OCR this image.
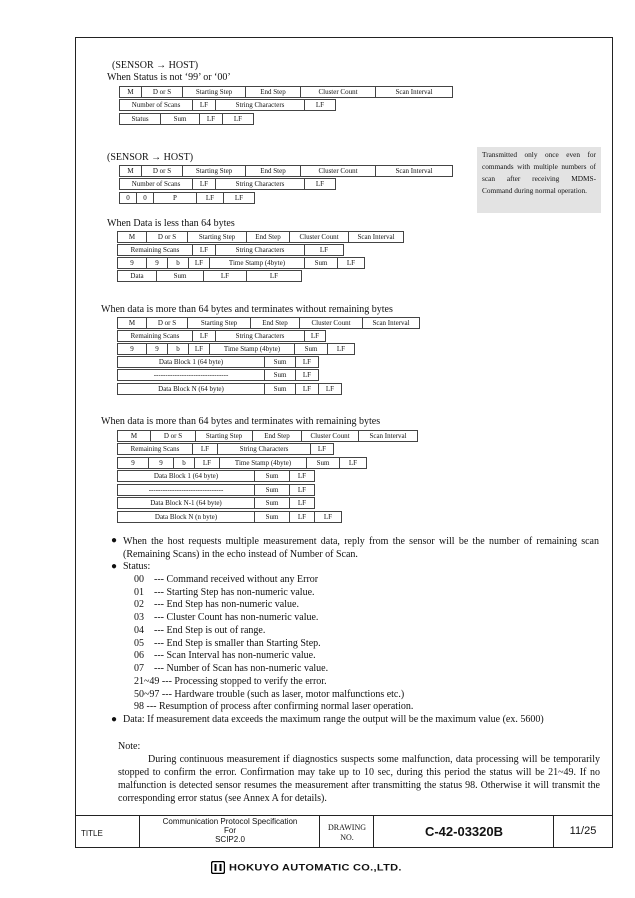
(SENSOR → HOST)
When Status is not ‘99’ or ‘00’
M	D or S	Starting Step	End Step	Cluster Count	Scan Interval
Number of Scans	LF	String Characters	LF
Status	Sum	LF	LF
(SENSOR → HOST)
M	D or S	Starting Step	End Step	Cluster Count	Scan Interval
Number of Scans	LF	String Characters	LF
0	0	P	LF	LF
Transmitted only once even for commands with multiple numbers of scan after receiving MDMS-Command during normal operation.
When Data is less than 64 bytes
M	D or S	Starting Step	End Step	Cluster Count	Scan Interval
Remaining Scans	LF	String Characters	LF
9	9	b	LF	Time Stamp (4byte)	Sum	LF
Data	Sum	LF	LF
When data is more than 64 bytes and terminates without remaining bytes
M	D or S	Starting Step	End Step	Cluster Count	Scan Interval
Remaining Scans	LF	String Characters	LF
9	9	b	LF	Time Stamp (4byte)	Sum	LF
Data Block 1 (64 byte)	Sum	LF
--------------------------------	Sum	LF
Data Block N (64 byte)	Sum	LF	LF
When data is more than 64 bytes and terminates with remaining bytes
M	D or S	Starting Step	End Step	Cluster Count	Scan Interval
Remaining Scans	LF	String Characters	LF
9	9	b	LF	Time Stamp (4byte)	Sum	LF
Data Block 1 (64 byte)	Sum	LF
--------------------------------	Sum	LF
Data Block N-1 (64 byte)	Sum	LF
Data Block N (n byte)	Sum	LF	LF
● When the host requests multiple measurement data, reply from the sensor will be the number of remaining scan (Remaining Scans) in the echo instead of Number of Scan.
● Status:
00    --- Command received without any Error
01    --- Starting Step has non-numeric value.
02    --- End Step has non-numeric value.
03    --- Cluster Count has non-numeric value.
04    --- End Step is out of range.
05    --- End Step is smaller than Starting Step.
06    --- Scan Interval has non-numeric value.
07    --- Number of Scan has non-numeric value.
21~49 --- Processing stopped to verify the error.
50~97 --- Hardware trouble (such as laser, motor malfunctions etc.)
98 --- Resumption of process after confirming normal laser operation.
● Data: If measurement data exceeds the maximum range the output will be the maximum value (ex. 5600)
Note:
During continuous measurement if diagnostics suspects some malfunction, data processing will be temporarily stopped to confirm the error. Confirmation may take up to 10 sec, during this period the status will be 21~49. If no malfunction is detected sensor resumes the measurement after transmitting the status 98. Otherwise it will transmit the corresponding error status (see Annex A for details).
TITLE
Communication Protocol Specification
For
SCIP2.0
DRAWING
NO.	C-42-03320B	11/25
HOKUYO AUTOMATIC CO.,LTD.
